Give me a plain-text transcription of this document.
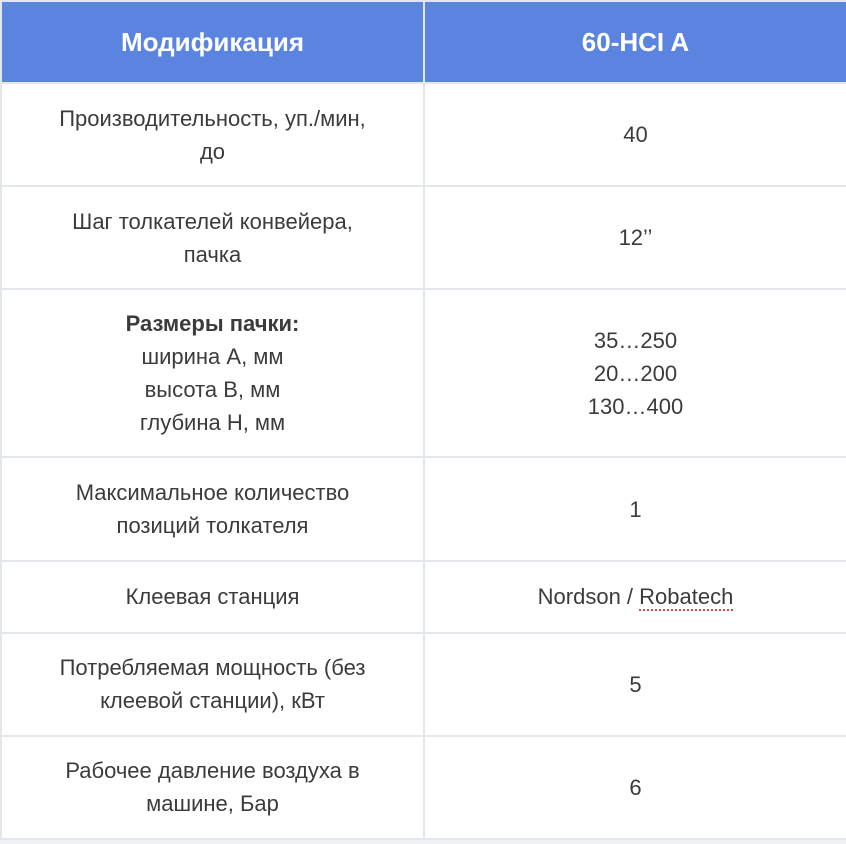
Модификация	60-HCI A

Производительность, уп./мин,
до	40

Шаг толкателей конвейера,
пачка	12’’

Размеры пачки:
ширина А, мм
высота В, мм
глубина Н, мм	35…250
20…200
130…400

Максимальное количество
позиций толкателя	1

Клеевая станция	Nordson / Robatech

Потребляемая мощность (без
клеевой станции), кВт	5

Рабочее давление воздуха в
машине, Бар	6
